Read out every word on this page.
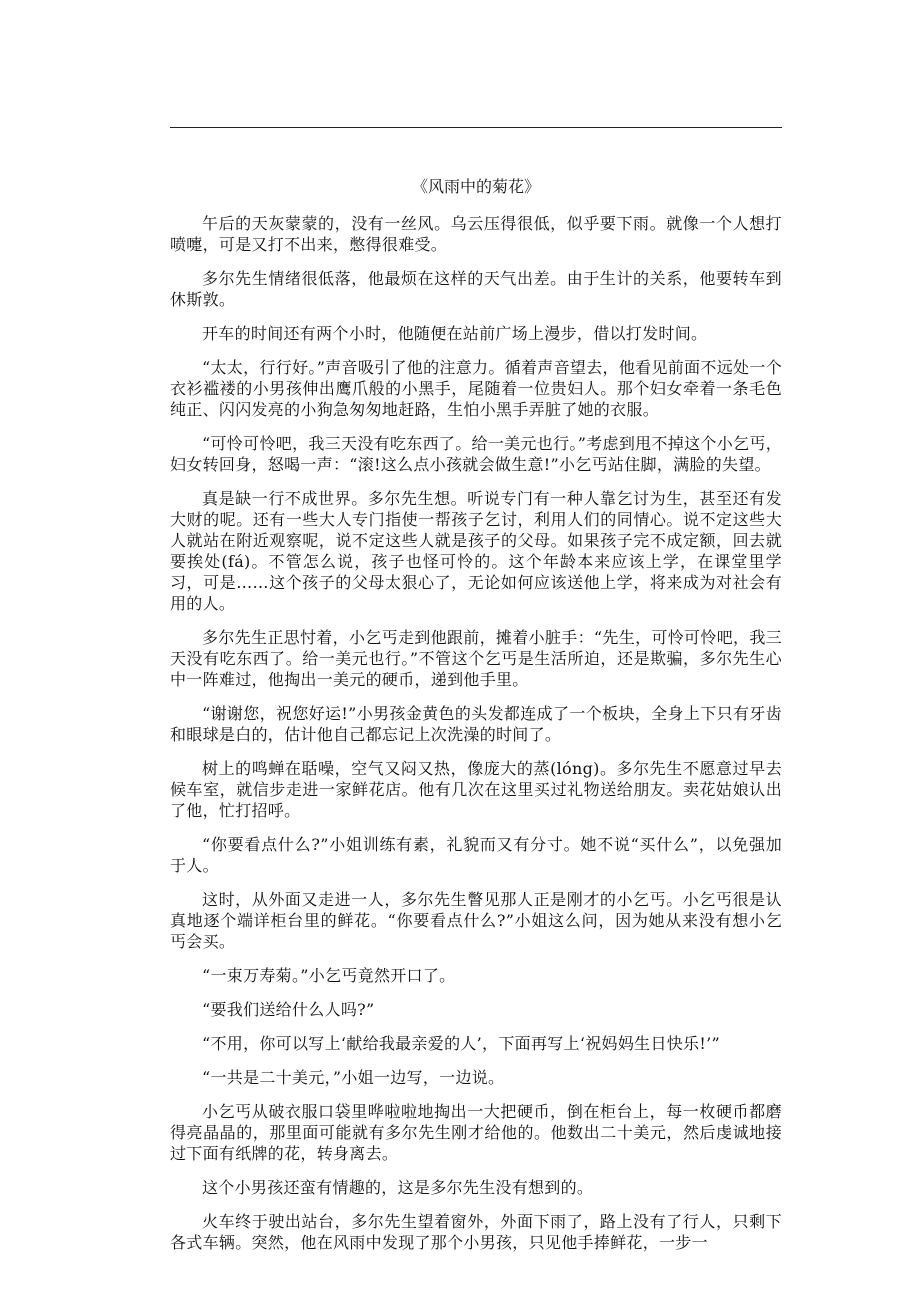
《风雨中的菊花》

午后的天灰蒙蒙的，没有一丝风。乌云压得很低，似乎要下雨。就像一个人想打喷嚏，可是又打不出来，憋得很难受。

多尔先生情绪很低落，他最烦在这样的天气出差。由于生计的关系，他要转车到休斯敦。

开车的时间还有两个小时，他随便在站前广场上漫步，借以打发时间。

“太太，行行好。”声音吸引了他的注意力。循着声音望去，他看见前面不远处一个衣衫褴褛的小男孩伸出鹰爪般的小黑手，尾随着一位贵妇人。那个妇女牵着一条毛色纯正、闪闪发亮的小狗急匆匆地赶路，生怕小黑手弄脏了她的衣服。

“可怜可怜吧，我三天没有吃东西了。给一美元也行。”考虑到甩不掉这个小乞丐，妇女转回身，怒喝一声：“滚!这么点小孩就会做生意!”小乞丐站住脚，满脸的失望。

真是缺一行不成世界。多尔先生想。听说专门有一种人靠乞讨为生，甚至还有发大财的呢。还有一些大人专门指使一帮孩子乞讨，利用人们的同情心。说不定这些大人就站在附近观察呢，说不定这些人就是孩子的父母。如果孩子完不成定额，回去就要挨处(fá)。不管怎么说，孩子也怪可怜的。这个年龄本来应该上学，在课堂里学习，可是……这个孩子的父母太狠心了，无论如何应该送他上学，将来成为对社会有用的人。

多尔先生正思忖着，小乞丐走到他跟前，摊着小脏手：“先生，可怜可怜吧，我三天没有吃东西了。给一美元也行。”不管这个乞丐是生活所迫，还是欺骗，多尔先生心中一阵难过，他掏出一美元的硬币，递到他手里。

“谢谢您，祝您好运!”小男孩金黄色的头发都连成了一个板块，全身上下只有牙齿和眼球是白的，估计他自己都忘记上次洗澡的时间了。

树上的鸣蝉在聒噪，空气又闷又热，像庞大的蒸(lóng)。多尔先生不愿意过早去候车室，就信步走进一家鲜花店。他有几次在这里买过礼物送给朋友。卖花姑娘认出了他，忙打招呼。

“你要看点什么?”小姐训练有素，礼貌而又有分寸。她不说“买什么”，以免强加于人。

这时，从外面又走进一人，多尔先生瞥见那人正是刚才的小乞丐。小乞丐很是认真地逐个端详柜台里的鲜花。“你要看点什么?”小姐这么问，因为她从来没有想小乞丐会买。

“一束万寿菊。”小乞丐竟然开口了。

“要我们送给什么人吗?”

“不用，你可以写上‘献给我最亲爱的人’，下面再写上‘祝妈妈生日快乐!’”

“一共是二十美元，”小姐一边写，一边说。

小乞丐从破衣服口袋里哗啦啦地掏出一大把硬币，倒在柜台上，每一枚硬币都磨得亮晶晶的，那里面可能就有多尔先生刚才给他的。他数出二十美元，然后虔诚地接过下面有纸牌的花，转身离去。

这个小男孩还蛮有情趣的，这是多尔先生没有想到的。

火车终于驶出站台，多尔先生望着窗外，外面下雨了，路上没有了行人，只剩下各式车辆。突然，他在风雨中发现了那个小男孩，只见他手捧鲜花，一步一
